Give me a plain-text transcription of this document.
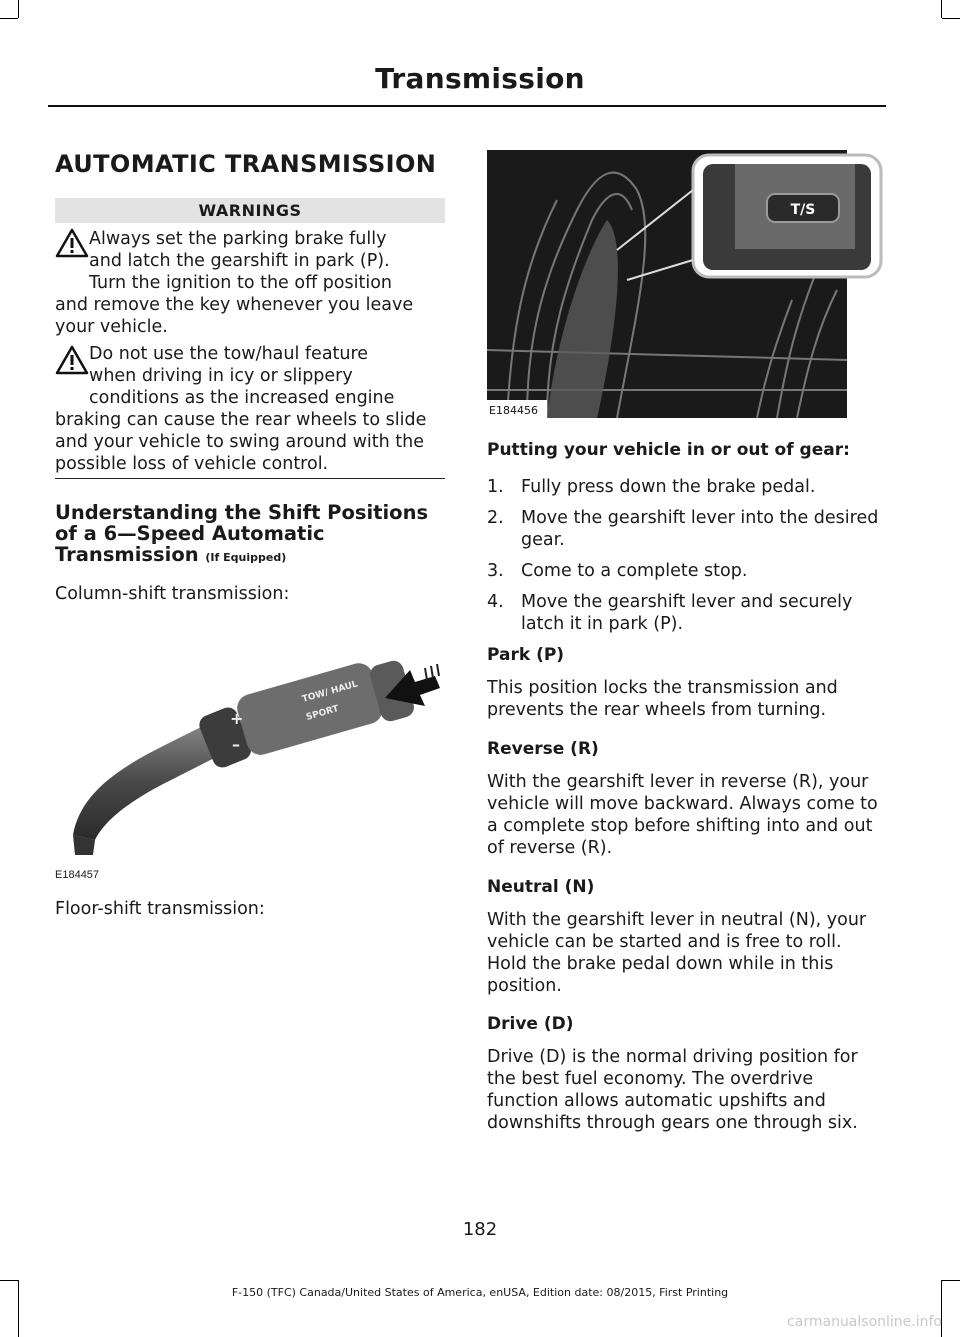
Transmission
AUTOMATIC TRANSMISSION
WARNINGS
Always set the parking brake fully
and latch the gearshift in park (P).
Turn the ignition to the off position
and remove the key whenever you leave your vehicle.
Do not use the tow/haul feature
when driving in icy or slippery
conditions as the increased engine
braking can cause the rear wheels to slide and your vehicle to swing around with the possible loss of vehicle control.
Understanding the Shift Positions of a 6—Speed Automatic Transmission (If Equipped)
Column-shift transmission:
TOW/ HAUL
SPORT
+
–
E184457
Floor-shift transmission:
T/S
E184456
Putting your vehicle in or out of gear:
1. Fully press down the brake pedal.
2. Move the gearshift lever into the desired gear.
3. Come to a complete stop.
4. Move the gearshift lever and securely latch it in park (P).
Park (P)
This position locks the transmission and prevents the rear wheels from turning.
Reverse (R)
With the gearshift lever in reverse (R), your vehicle will move backward. Always come to a complete stop before shifting into and out of reverse (R).
Neutral (N)
With the gearshift lever in neutral (N), your vehicle can be started and is free to roll. Hold the brake pedal down while in this position.
Drive (D)
Drive (D) is the normal driving position for the best fuel economy. The overdrive function allows automatic upshifts and downshifts through gears one through six.
182
F-150 (TFC) Canada/United States of America, enUSA, Edition date: 08/2015, First Printing
carmanualsonline.info
